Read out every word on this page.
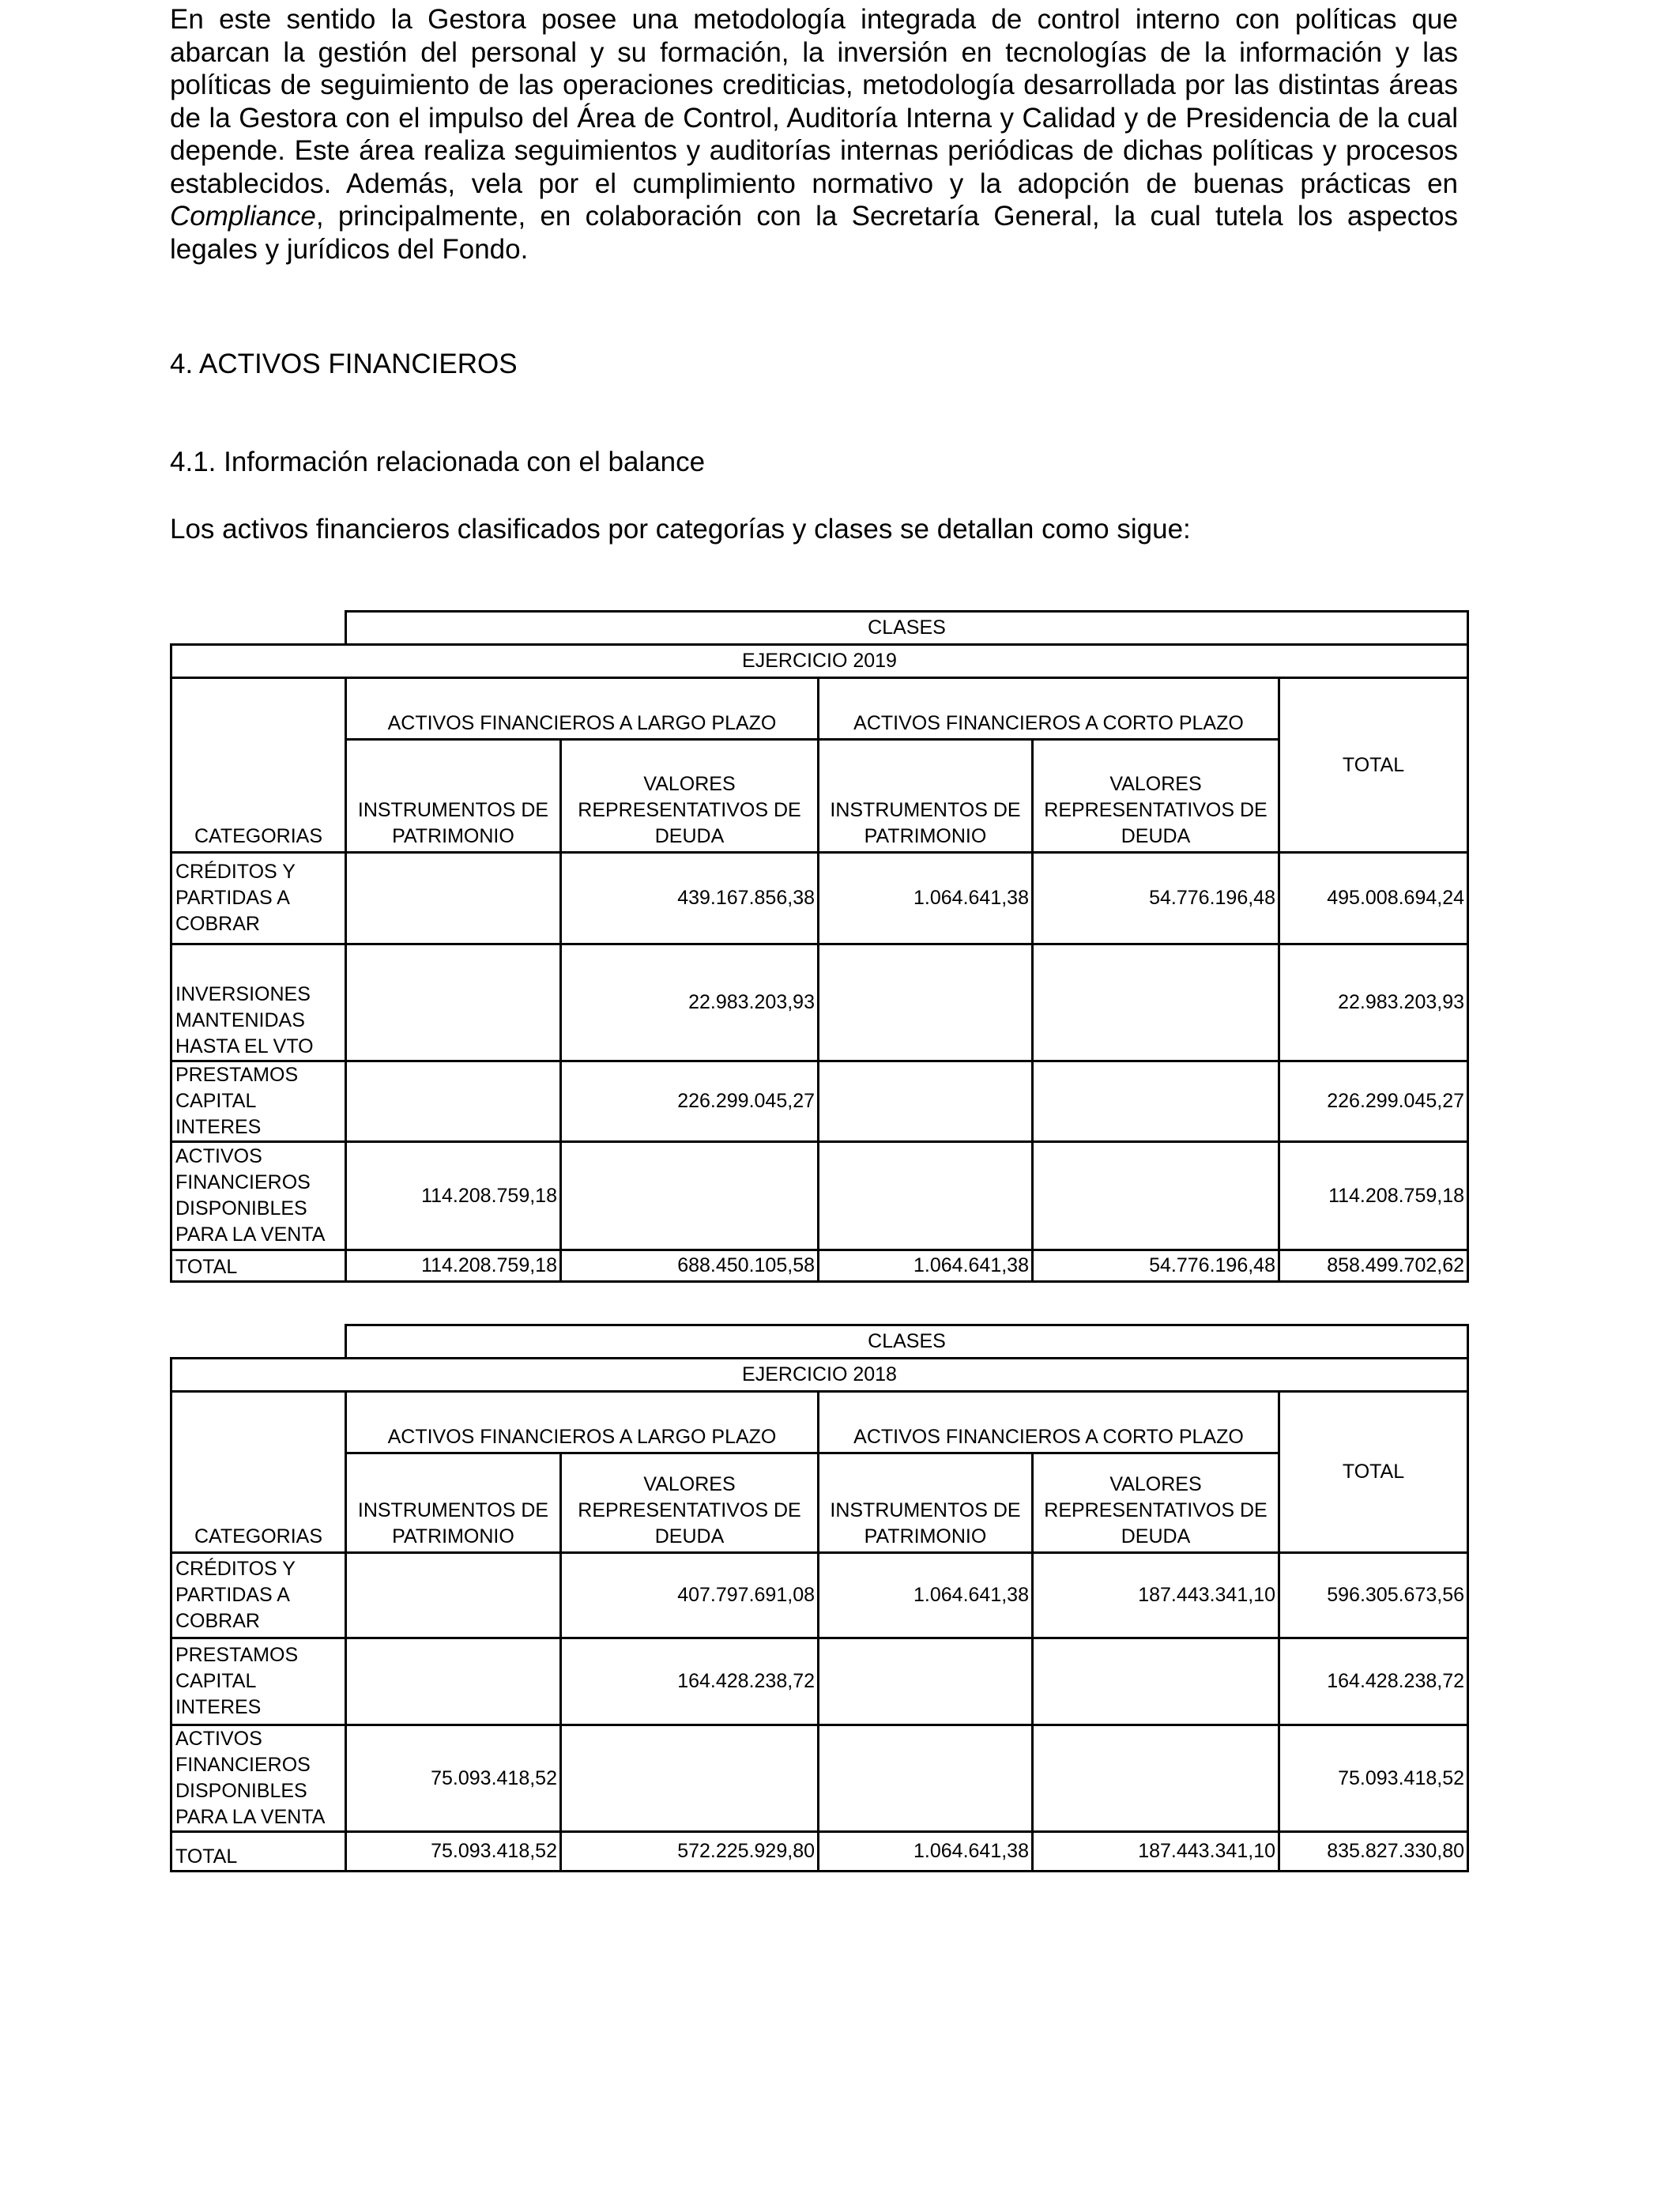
En este sentido la Gestora posee una metodología integrada de control interno con políticas que abarcan la gestión del personal y su formación, la inversión en tecnologías de la información y las políticas de seguimiento de las operaciones crediticias, metodología desarrollada por las distintas áreas de la Gestora con el impulso del Área de Control, Auditoría Interna y Calidad y de Presidencia de la cual depende. Este área realiza seguimientos y auditorías internas periódicas de dichas políticas y procesos establecidos. Además, vela por el cumplimiento normativo y la adopción de buenas prácticas en Compliance, principalmente, en colaboración con la Secretaría General, la cual tutela los aspectos legales y jurídicos del Fondo.

4. ACTIVOS FINANCIEROS

4.1. Información relacionada con el balance

Los activos financieros clasificados por categorías y clases se detallan como sigue:

	CLASES				
EJERCICIO 2019					
CATEGORIAS	ACTIVOS FINANCIEROS A LARGO PLAZO		ACTIVOS FINANCIEROS A CORTO PLAZO		TOTAL
	INSTRUMENTOS DE PATRIMONIO	VALORES REPRESENTATIVOS DE DEUDA	INSTRUMENTOS DE PATRIMONIO	VALORES REPRESENTATIVOS DE DEUDA	
CRÉDITOS Y PARTIDAS A COBRAR		439.167.856,38	1.064.641,38	54.776.196,48	495.008.694,24
INVERSIONES MANTENIDAS HASTA EL VTO		22.983.203,93			22.983.203,93
PRESTAMOS CAPITAL INTERES		226.299.045,27			226.299.045,27
ACTIVOS FINANCIEROS DISPONIBLES PARA LA VENTA	114.208.759,18				114.208.759,18
TOTAL	114.208.759,18	688.450.105,58	1.064.641,38	54.776.196,48	858.499.702,62
	CLASES				
EJERCICIO 2018					
CATEGORIAS	ACTIVOS FINANCIEROS A LARGO PLAZO		ACTIVOS FINANCIEROS A CORTO PLAZO		TOTAL
	INSTRUMENTOS DE PATRIMONIO	VALORES REPRESENTATIVOS DE DEUDA	INSTRUMENTOS DE PATRIMONIO	VALORES REPRESENTATIVOS DE DEUDA	
CRÉDITOS Y PARTIDAS A COBRAR		407.797.691,08	1.064.641,38	187.443.341,10	596.305.673,56
PRESTAMOS CAPITAL INTERES		164.428.238,72			164.428.238,72
ACTIVOS FINANCIEROS DISPONIBLES PARA LA VENTA	75.093.418,52				75.093.418,52
TOTAL	75.093.418,52	572.225.929,80	1.064.641,38	187.443.341,10	835.827.330,80
